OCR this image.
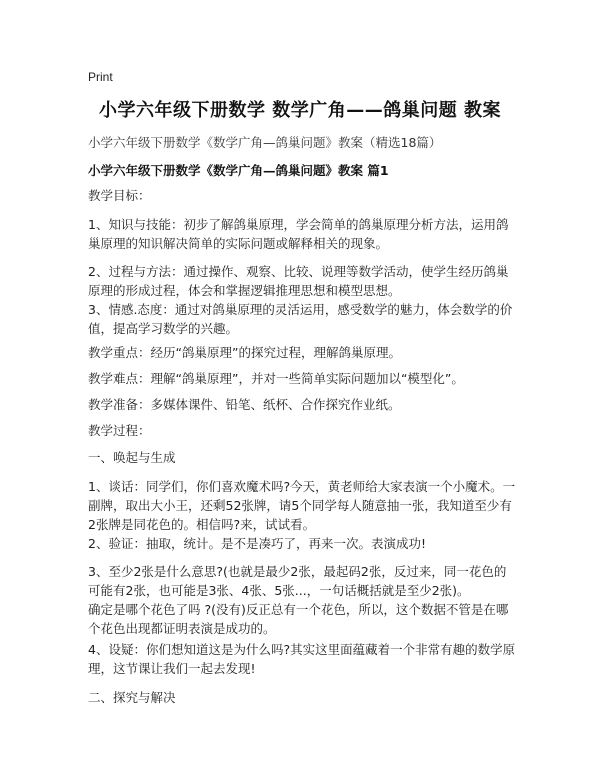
Print
小学六年级下册数学 数学广角——鸽巢问题 教案
小学六年级下册数学《数学广角—鸽巢问题》教案（精选18篇）
小学六年级下册数学《数学广角—鸽巢问题》教案 篇1

教学目标：

1、知识与技能：初步了解鸽巢原理，学会简单的鸽巢原理分析方法，运用鸽巢原理的知识解决简单的实际问题或解释相关的现象。

2、过程与方法：通过操作、观察、比较、说理等数学活动，使学生经历鸽巢原理的形成过程，体会和掌握逻辑推理思想和模型思想。

3、情感.态度：通过对鸽巢原理的灵活运用，感受数学的魅力，体会数学的价值，提高学习数学的兴趣。

教学重点：经历“鸽巢原理”的探究过程，理解鸽巢原理。

教学难点：理解“鸽巢原理”，并对一些简单实际问题加以“模型化”。

教学准备：多媒体课件、铅笔、纸杯、合作探究作业纸。

教学过程：

一、唤起与生成

1、谈话：同学们，你们喜欢魔术吗?今天，黄老师给大家表演一个小魔术。一副牌，取出大小王，还剩52张牌，请5个同学每人随意抽一张，我知道至少有2张牌是同花色的。相信吗?来，试试看。

2、验证：抽取，统计。是不是凑巧了，再来一次。表演成功!

3、至少2张是什么意思?(也就是最少2张，最起码2张，反过来，同一花色的可能有2张，也可能是3张、4张、5张...，一句话概括就是至少2张)。

确定是哪个花色了吗 ?(没有)反正总有一个花色，所以，这个数据不管是在哪个花色出现都证明表演是成功的。

4、设疑：你们想知道这是为什么吗?其实这里面蕴藏着一个非常有趣的数学原理，这节课让我们一起去发现!

二、探究与解决
